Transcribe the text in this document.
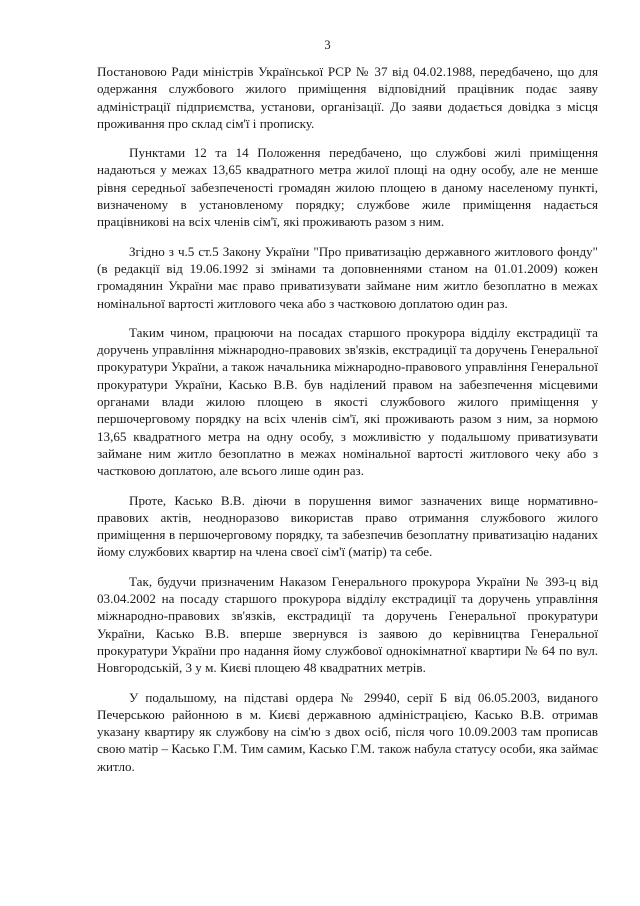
3

Постановою Ради міністрів Української РСР № 37 від 04.02.1988, передбачено, що для одержання службового жилого приміщення відповідний працівник подає заяву адміністрації підприємства, установи, організації. До заяви додається довідка з місця проживання про склад сім'ї і прописку.

Пунктами 12 та 14 Положення передбачено, що службові жилі приміщення надаються у межах 13,65 квадратного метра жилої площі на одну особу, але не менше рівня середньої забезпеченості громадян жилою площею в даному населеному пункті, визначеному в установленому порядку; службове жиле приміщення надається працівникові на всіх членів сім'ї, які проживають разом з ним.

Згідно з ч.5 ст.5 Закону України "Про приватизацію державного житлового фонду" (в редакції від 19.06.1992 зі змінами та доповненнями станом на 01.01.2009) кожен громадянин України має право приватизувати займане ним житло безоплатно в межах номінальної вартості житлового чека або з частковою доплатою один раз.

Таким чином, працюючи на посадах старшого прокурора відділу екстрадиції та доручень управління міжнародно-правових зв'язків, екстрадиції та доручень Генеральної прокуратури України, а також начальника міжнародно-правового управління Генеральної прокуратури України, Касько В.В. був наділений правом на забезпечення місцевими органами влади жилою площею в якості службового жилого приміщення у першочерговому порядку на всіх членів сім'ї, які проживають разом з ним, за нормою 13,65 квадратного метра на одну особу, з можливістю у подальшому приватизувати займане ним житло безоплатно в межах номінальної вартості житлового чеку або з частковою доплатою, але всього лише один раз.

Проте, Касько В.В. діючи в порушення вимог зазначених вище нормативно-правових актів, неодноразово використав право отримання службового жилого приміщення в першочерговому порядку, та забезпечив безоплатну приватизацію наданих йому службових квартир на члена своєї сім'ї (матір) та себе.

Так, будучи призначеним Наказом Генерального прокурора України № 393-ц від 03.04.2002 на посаду старшого прокурора відділу екстрадиції та доручень управління міжнародно-правових зв'язків, екстрадиції та доручень Генеральної прокуратури України, Касько В.В. вперше звернувся із заявою до керівництва Генеральної прокуратури України про надання йому службової однокімнатної квартири № 64 по вул. Новгородській, 3 у м. Києві площею 48 квадратних метрів.

У подальшому, на підставі ордера № 29940, серії Б від 06.05.2003, виданого Печерською районною в м. Києві державною адміністрацією, Касько В.В. отримав указану квартиру як службову на сім'ю з двох осіб, після чого 10.09.2003 там прописав свою матір – Касько Г.М. Тим самим, Касько Г.М. також набула статусу особи, яка займає житло.
